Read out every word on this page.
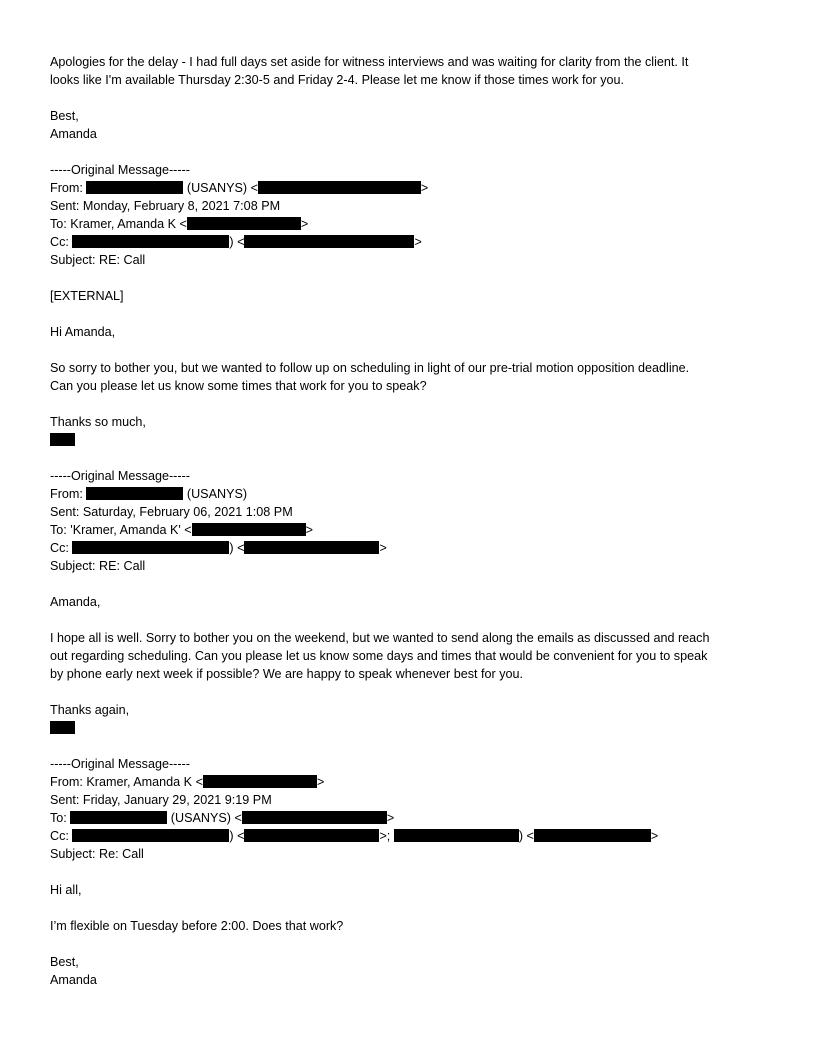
Apologies for the delay - I had full days set aside for witness interviews and was waiting for clarity from the client. It
looks like I'm available Thursday 2:30-5 and Friday 2-4. Please let me know if those times work for you.
Best,
Amanda
-----Original Message-----
From:	(USANYS) <	>
Sent: Monday, February 8, 2021 7:08 PM
To: Kramer, Amanda K <	>
Cc:	) <	>
Subject: RE: Call
[EXTERNAL]
Hi Amanda,
So sorry to bother you, but we wanted to follow up on scheduling in light of our pre-trial motion opposition deadline.
Can you please let us know some times that work for you to speak?
Thanks so much,
-----Original Message-----
From:	(USANYS)
Sent: Saturday, February 06, 2021 1:08 PM
To: 'Kramer, Amanda K' <	>
Cc:	) <	>
Subject: RE: Call
Amanda,
I hope all is well. Sorry to bother you on the weekend, but we wanted to send along the emails as discussed and reach
out regarding scheduling. Can you please let us know some days and times that would be convenient for you to speak
by phone early next week if possible? We are happy to speak whenever best for you.
Thanks again,
-----Original Message-----
From: Kramer, Amanda K <	>
Sent: Friday, January 29, 2021 9:19 PM
To:	(USANYS) <	>
Cc:	) <	>;	) <	>
Subject: Re: Call
Hi all,
I’m flexible on Tuesday before 2:00. Does that work?
Best,
Amanda
